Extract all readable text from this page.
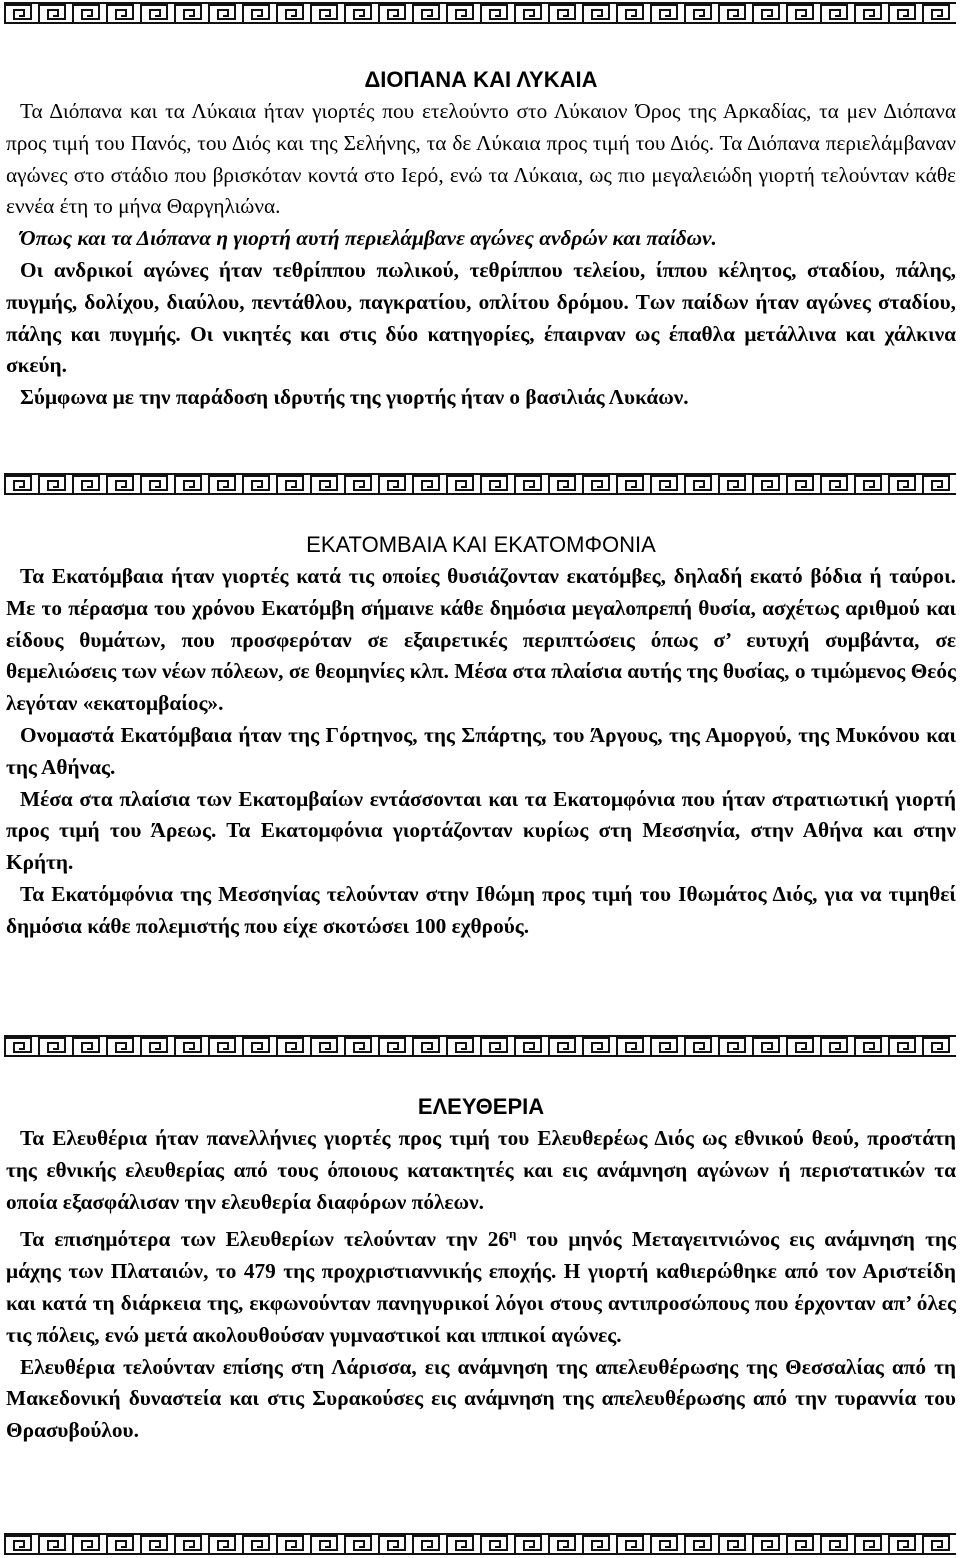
ΔΙΟΠΑΝΑ ΚΑΙ ΛΥΚΑΙΑ

Τα Διόπανα και τα Λύκαια ήταν γιορτές που ετελούντο στο Λύκαιον Όρος της Αρκαδίας, τα μεν Διόπανα προς τιμή του Πανός, του Διός και της Σελήνης, τα δε Λύκαια προς τιμή του Διός. Τα Διόπανα περιελάμβαναν αγώνες στο στάδιο που βρισκόταν κοντά στο Ιερό, ενώ τα Λύκαια, ως πιο μεγαλειώδη γιορτή τελούνταν κάθε εννέα έτη το μήνα Θαργηλιώνα.

Όπως και τα Διόπανα η γιορτή αυτή περιελάμβανε αγώνες ανδρών και παίδων.

Οι ανδρικοί αγώνες ήταν τεθρίππου πωλικού, τεθρίππου τελείου, ίππου κέλητος, σταδίου, πάλης, πυγμής, δολίχου, διαύλου, πεντάθλου, παγκρατίου, οπλίτου δρόμου. Των παίδων ήταν αγώνες σταδίου, πάλης και πυγμής. Οι νικητές και στις δύο κατηγορίες, έπαιρναν ως έπαθλα μετάλλινα και χάλκινα σκεύη.

Σύμφωνα με την παράδοση ιδρυτής της γιορτής ήταν ο βασιλιάς Λυκάων.

ΕΚΑΤΟΜΒΑΙΑ ΚΑΙ ΕΚΑΤΟΜΦΟΝΙΑ

Τα Εκατόμβαια ήταν γιορτές κατά τις οποίες θυσιάζονταν εκατόμβες, δηλαδή εκατό βόδια ή ταύροι. Με το πέρασμα του χρόνου Εκατόμβη σήμαινε κάθε δημόσια μεγαλοπρεπή θυσία, ασχέτως αριθμού και είδους θυμάτων, που προσφερόταν σε εξαιρετικές περιπτώσεις όπως σ’ ευτυχή συμβάντα, σε θεμελιώσεις των νέων πόλεων, σε θεομηνίες κλπ. Μέσα στα πλαίσια αυτής της θυσίας, ο τιμώμενος Θεός λεγόταν «εκατομβαίος».

Ονομαστά Εκατόμβαια ήταν της Γόρτηνος, της Σπάρτης, του Άργους, της Αμοργού, της Μυκόνου και της Αθήνας.

Μέσα στα πλαίσια των Εκατομβαίων εντάσσονται και τα Εκατομφόνια που ήταν στρατιωτική γιορτή προς τιμή του Άρεως. Τα Εκατομφόνια γιορτάζονταν κυρίως στη Μεσσηνία, στην Αθήνα και στην Κρήτη.

Τα Εκατόμφόνια της Μεσσηνίας τελούνταν στην Ιθώμη προς τιμή του Ιθωμάτος Διός, για να τιμηθεί δημόσια κάθε πολεμιστής που είχε σκοτώσει 100 εχθρούς.

ΕΛΕΥΘΕΡΙΑ

Τα Ελευθέρια ήταν πανελλήνιες γιορτές προς τιμή του Ελευθερέως Διός ως εθνικού θεού, προστάτη της εθνικής ελευθερίας από τους όποιους κατακτητές και εις ανάμνηση αγώνων ή περιστατικών τα οποία εξασφάλισαν την ελευθερία διαφόρων πόλεων.

Τα επισημότερα των Ελευθερίων τελούνταν την $26^\eta$ του μηνός Μεταγειτνιώνος εις ανάμνηση της μάχης των Πλαταιών, το 479 της προχριστιαννικής εποχής. Η γιορτή καθιερώθηκε από τον Αριστείδη και κατά τη διάρκεια της, εκφωνούνταν πανηγυρικοί λόγοι στους αντιπροσώπους που έρχονταν απ’ όλες τις πόλεις, ενώ μετά ακολουθούσαν γυμναστικοί και ιππικοί αγώνες.

Ελευθέρια τελούνταν επίσης στη Λάρισσα, εις ανάμνηση της απελευθέρωσης της Θεσσαλίας από τη Μακεδονική δυναστεία και στις Συρακούσες εις ανάμνηση της απελευθέρωσης από την τυραννία του Θρασυβούλου.
